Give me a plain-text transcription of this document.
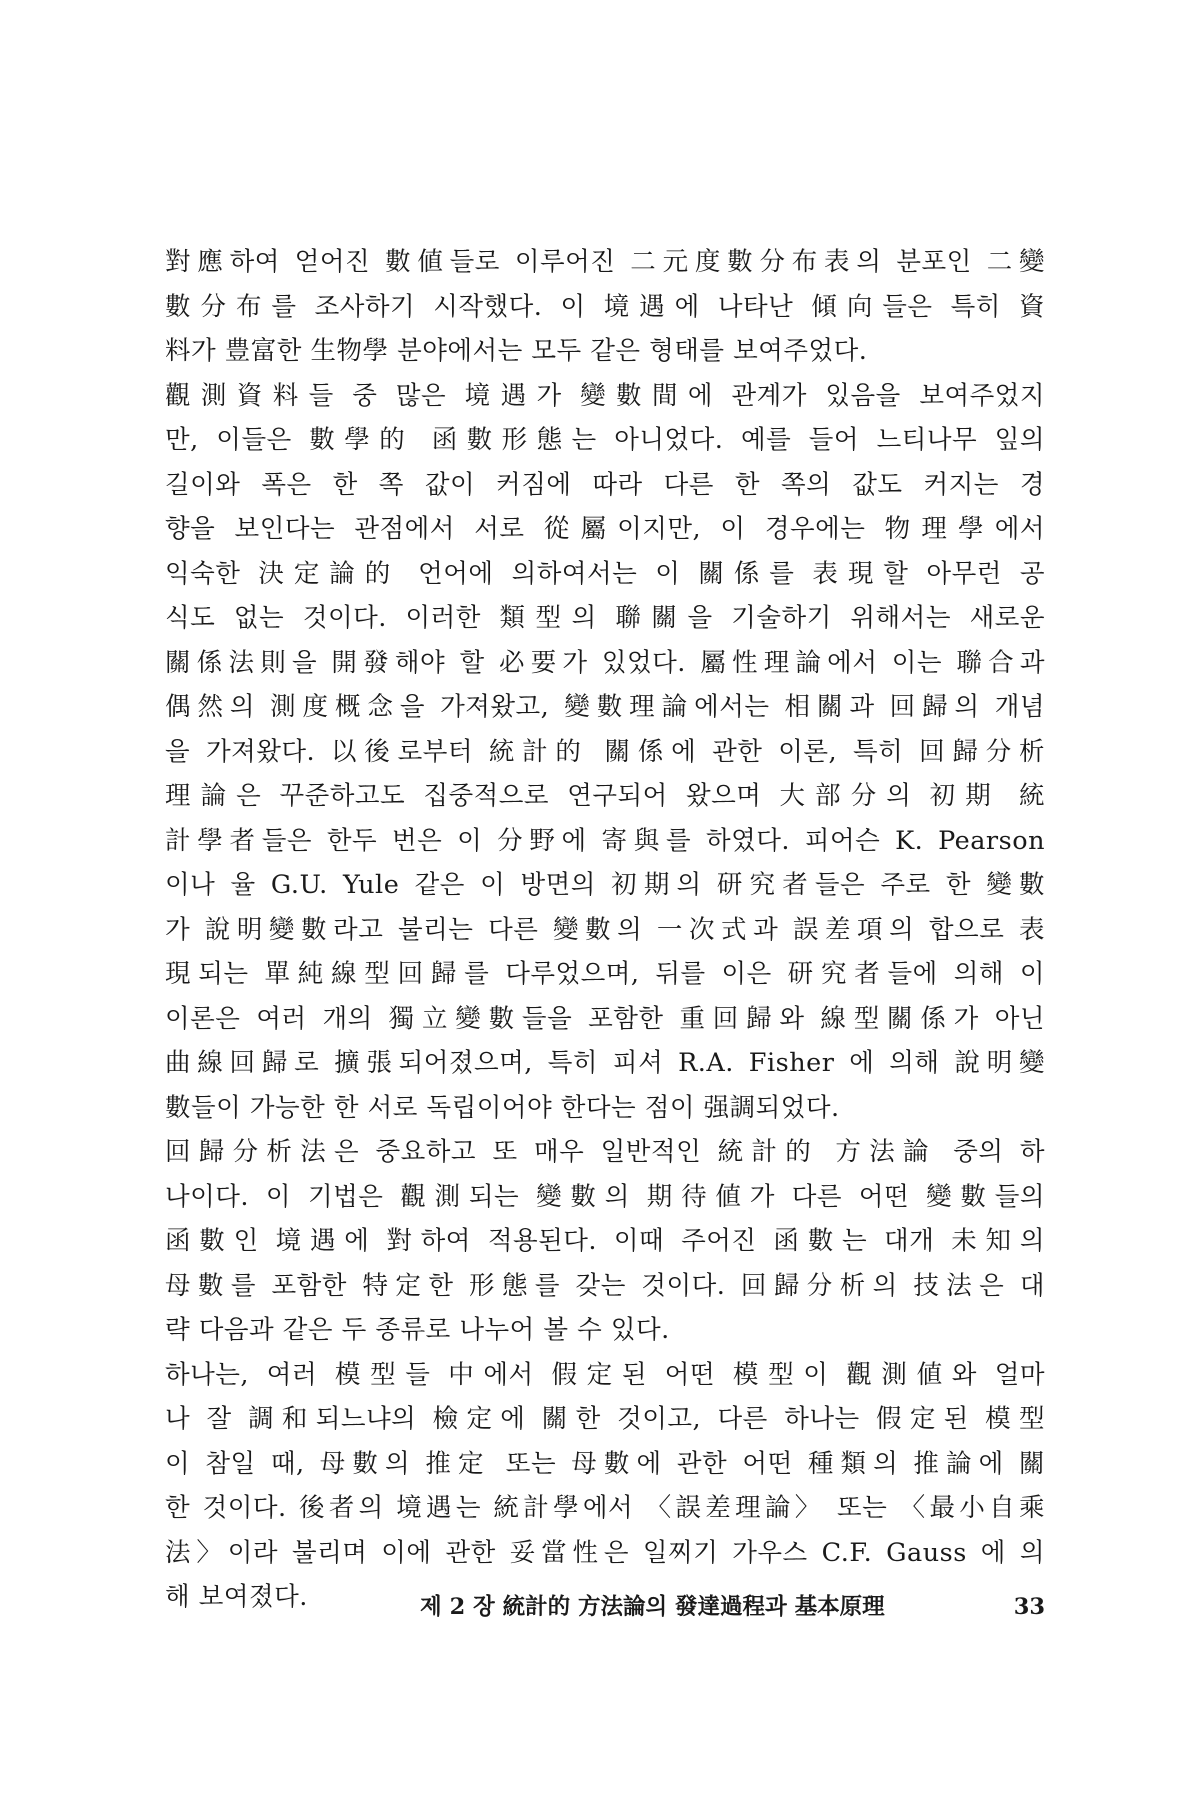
對應하여 얻어진 數値들로 이루어진 二元度數分布表의 분포인 二變
數分布를 조사하기 시작했다. 이 境遇에 나타난 傾向들은 특히 資
料가 豊富한 生物學 분야에서는 모두 같은 형태를 보여주었다.
觀測資料들 중 많은 境遇가 變數間에 관계가 있음을 보여주었지
만, 이들은 數學的 函數形態는 아니었다. 예를 들어 느티나무 잎의
길이와 폭은 한 쪽 값이 커짐에 따라 다른 한 쪽의 값도 커지는 경
향을 보인다는 관점에서 서로 從屬이지만, 이 경우에는 物理學에서
익숙한 決定論的 언어에 의하여서는 이 關係를 表現할 아무런 공
식도 없는 것이다. 이러한 類型의 聯關을 기술하기 위해서는 새로운
關係法則을 開發해야 할 必要가 있었다. 屬性理論에서 이는 聯合과
偶然의 測度概念을 가져왔고, 變數理論에서는 相關과 回歸의 개념
을 가져왔다. 以後로부터 統計的 關係에 관한 이론, 특히 回歸分析
理論은 꾸준하고도 집중적으로 연구되어 왔으며 大部分의 初期 統
計學者들은 한두 번은 이 分野에 寄與를 하였다. 피어슨 K. Pearson
이나 율 G.U. Yule 같은 이 방면의 初期의 研究者들은 주로 한 變數
가 說明變數라고 불리는 다른 變數의 一次式과 誤差項의 합으로 表
現되는 單純線型回歸를 다루었으며, 뒤를 이은 研究者들에 의해 이
이론은 여러 개의 獨立變數들을 포함한 重回歸와 線型關係가 아닌
曲線回歸로 擴張되어졌으며, 특히 피셔 R.A. Fisher 에 의해 說明變
數들이 가능한 한 서로 독립이어야 한다는 점이 强調되었다.
回歸分析法은 중요하고 또 매우 일반적인 統計的 方法論 중의 하
나이다. 이 기법은 觀測되는 變數의 期待値가 다른 어떤 變數들의
函數인 境遇에 對하여 적용된다. 이때 주어진 函數는 대개 未知의
母數를 포함한 特定한 形態를 갖는 것이다. 回歸分析의 技法은 대
략 다음과 같은 두 종류로 나누어 볼 수 있다.
하나는, 여러 模型들 中에서 假定된 어떤 模型이 觀測値와 얼마
나 잘 調和되느냐의 檢定에 關한 것이고, 다른 하나는 假定된 模型
이 참일 때, 母數의 推定 또는 母數에 관한 어떤 種類의 推論에 關
한 것이다. 後者의 境遇는 統計學에서 〈誤差理論〉 또는 〈最小自乘
法〉이라 불리며 이에 관한 妥當性은 일찌기 가우스 C.F. Gauss 에 의
해 보여졌다.	제 2 장 統計的 方法論의 發達過程과 基本原理	33
